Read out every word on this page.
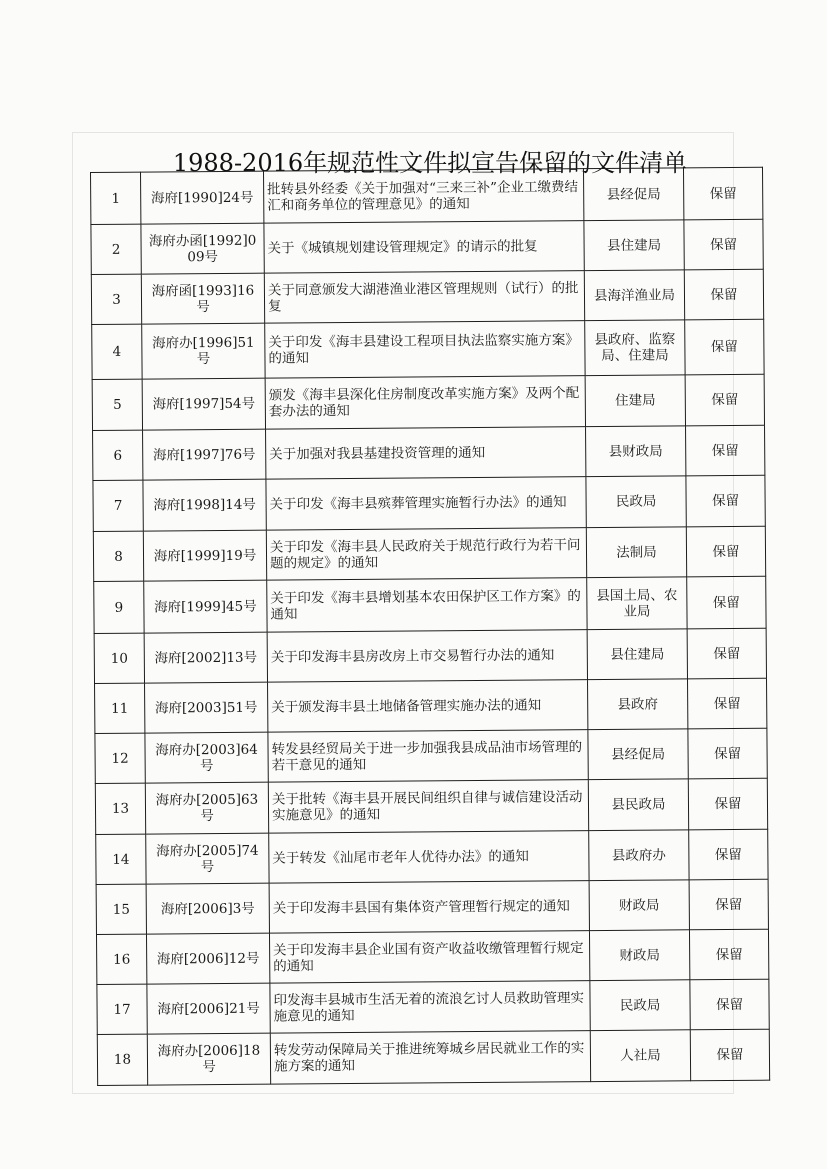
1988-2016年规范性文件拟宣告保留的文件清单
1	海府[1990]24号	批转县外经委《关于加强对“三来三补”企业工缴费结汇和商务单位的管理意见》的通知	县经促局	保留
2	海府办函[1992]009号	关于《城镇规划建设管理规定》的请示的批复	县住建局	保留
3	海府函[1993]16号	关于同意颁发大湖港渔业港区管理规则（试行）的批复	县海洋渔业局	保留
4	海府办[1996]51号	关于印发《海丰县建设工程项目执法监察实施方案》的通知	县政府、监察局、住建局	保留
5	海府[1997]54号	颁发《海丰县深化住房制度改革实施方案》及两个配套办法的通知	住建局	保留
6	海府[1997]76号	关于加强对我县基建投资管理的通知	县财政局	保留
7	海府[1998]14号	关于印发《海丰县殡葬管理实施暂行办法》的通知	民政局	保留
8	海府[1999]19号	关于印发《海丰县人民政府关于规范行政行为若干问题的规定》的通知	法制局	保留
9	海府[1999]45号	关于印发《海丰县增划基本农田保护区工作方案》的通知	县国土局、农业局	保留
10	海府[2002]13号	关于印发海丰县房改房上市交易暂行办法的通知	县住建局	保留
11	海府[2003]51号	关于颁发海丰县土地储备管理实施办法的通知	县政府	保留
12	海府办[2003]64号	转发县经贸局关于进一步加强我县成品油市场管理的若干意见的通知	县经促局	保留
13	海府办[2005]63号	关于批转《海丰县开展民间组织自律与诚信建设活动实施意见》的通知	县民政局	保留
14	海府办[2005]74号	关于转发《汕尾市老年人优待办法》的通知	县政府办	保留
15	海府[2006]3号	关于印发海丰县国有集体资产管理暂行规定的通知	财政局	保留
16	海府[2006]12号	关于印发海丰县企业国有资产收益收缴管理暂行规定的通知	财政局	保留
17	海府[2006]21号	印发海丰县城市生活无着的流浪乞讨人员救助管理实施意见的通知	民政局	保留
18	海府办[2006]18号	转发劳动保障局关于推进统筹城乡居民就业工作的实施方案的通知	人社局	保留
